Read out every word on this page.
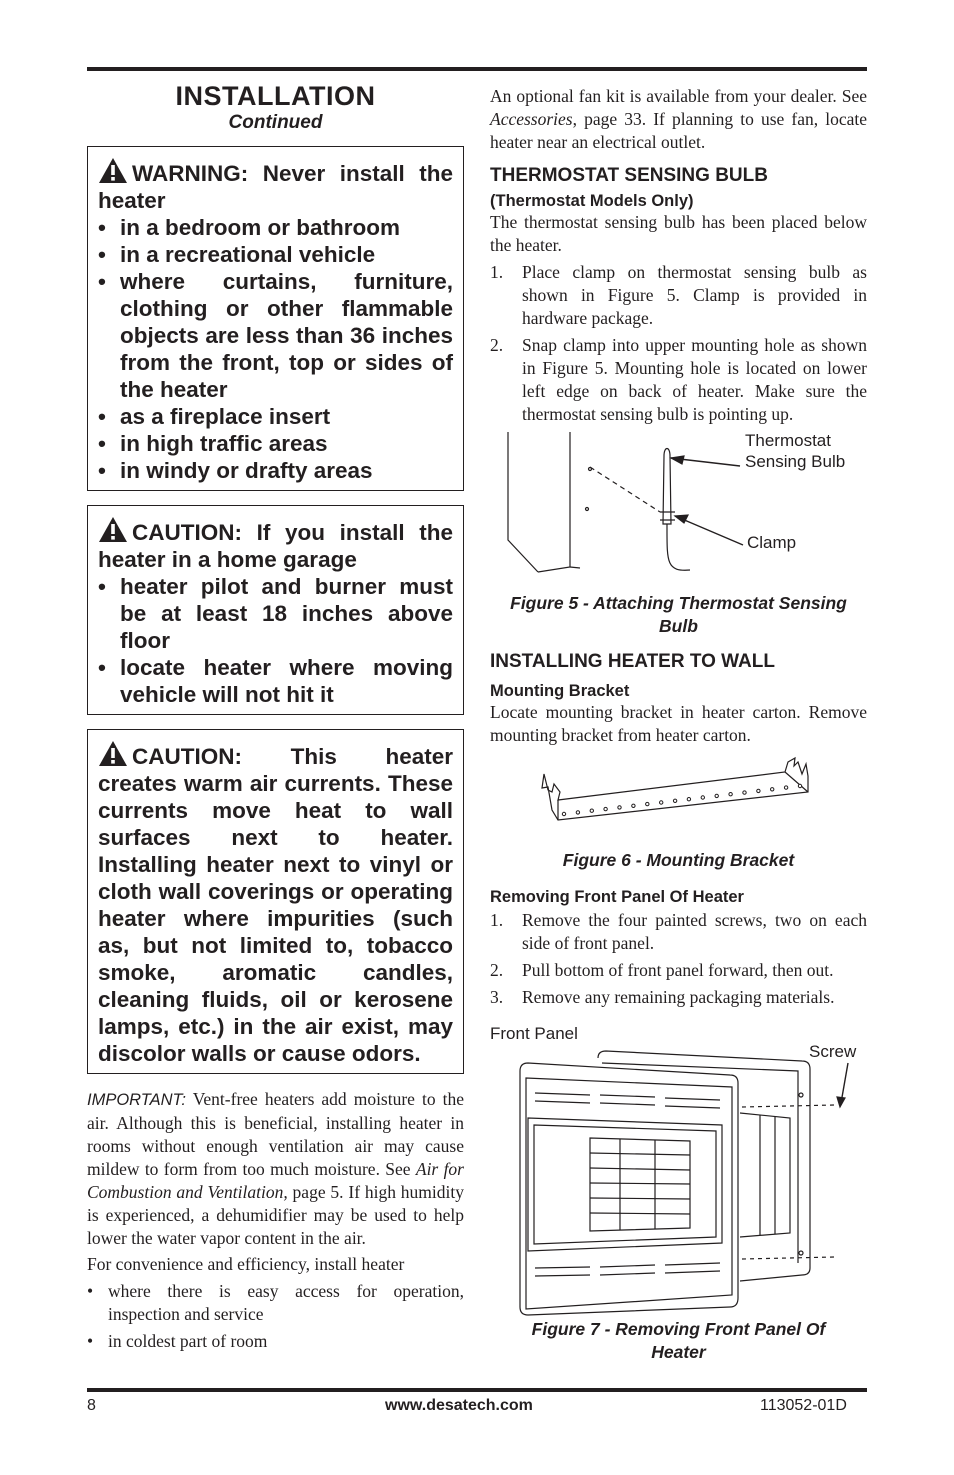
INSTALLATION

Continued

WARNING: Never install the heater
• in a bedroom or bathroom
• in a recreational vehicle
• where curtains, furniture, clothing or other flammable objects are less than 36 inches from the front, top or sides of the heater
• as a fireplace insert
• in high traffic areas
• in windy or drafty areas
CAUTION: If you install the heater in a home garage
• heater pilot and burner must be at least 18 inches above floor
• locate heater where moving vehicle will not hit it
CAUTION: This heater creates warm air currents. These currents move heat to wall surfaces next to heater. Installing heater next to vinyl or cloth wall coverings or operating heater where impurities (such as, but not limited to, tobacco smoke, aromatic candles, cleaning fluids, oil or kerosene lamps, etc.) in the air exist, may discolor walls or cause odors.

IMPORTANT: Vent-free heaters add moisture to the air. Although this is beneficial, installing heater in rooms without enough ventilation air may cause mildew to form from too much moisture. See Air for Combustion and Ventilation, page 5. If high humidity is experienced, a dehumidifier may be used to help lower the water vapor content in the air.

For convenience and efficiency, install heater

• where there is easy access for operation, inspection and service
• in coldest part of room

An optional fan kit is available from your dealer. See Accessories, page 33. If planning to use fan, locate heater near an electrical outlet.

THERMOSTAT SENSING BULB

(Thermostat Models Only)

The thermostat sensing bulb has been placed below the heater.

1. Place clamp on thermostat sensing bulb as shown in Figure 5. Clamp is provided in hardware package.
2. Snap clamp into upper mounting hole as shown in Figure 5. Mounting hole is located on lower left edge on back of heater. Make sure the thermostat sensing bulb is pointing up.
Thermostat Sensing Bulb
Clamp

Figure 5 - Attaching Thermostat Sensing Bulb

INSTALLING HEATER TO WALL

Mounting Bracket

Locate mounting bracket in heater carton. Remove mounting bracket from heater carton.

Figure 6 - Mounting Bracket

Removing Front Panel Of Heater

1. Remove the four painted screws, two on each side of front panel.
2. Pull bottom of front panel forward, then out.
3. Remove any remaining packaging materials.
Front Panel
Screw

Figure 7 - Removing Front Panel Of Heater

8	www.desatech.com	113052-01D
